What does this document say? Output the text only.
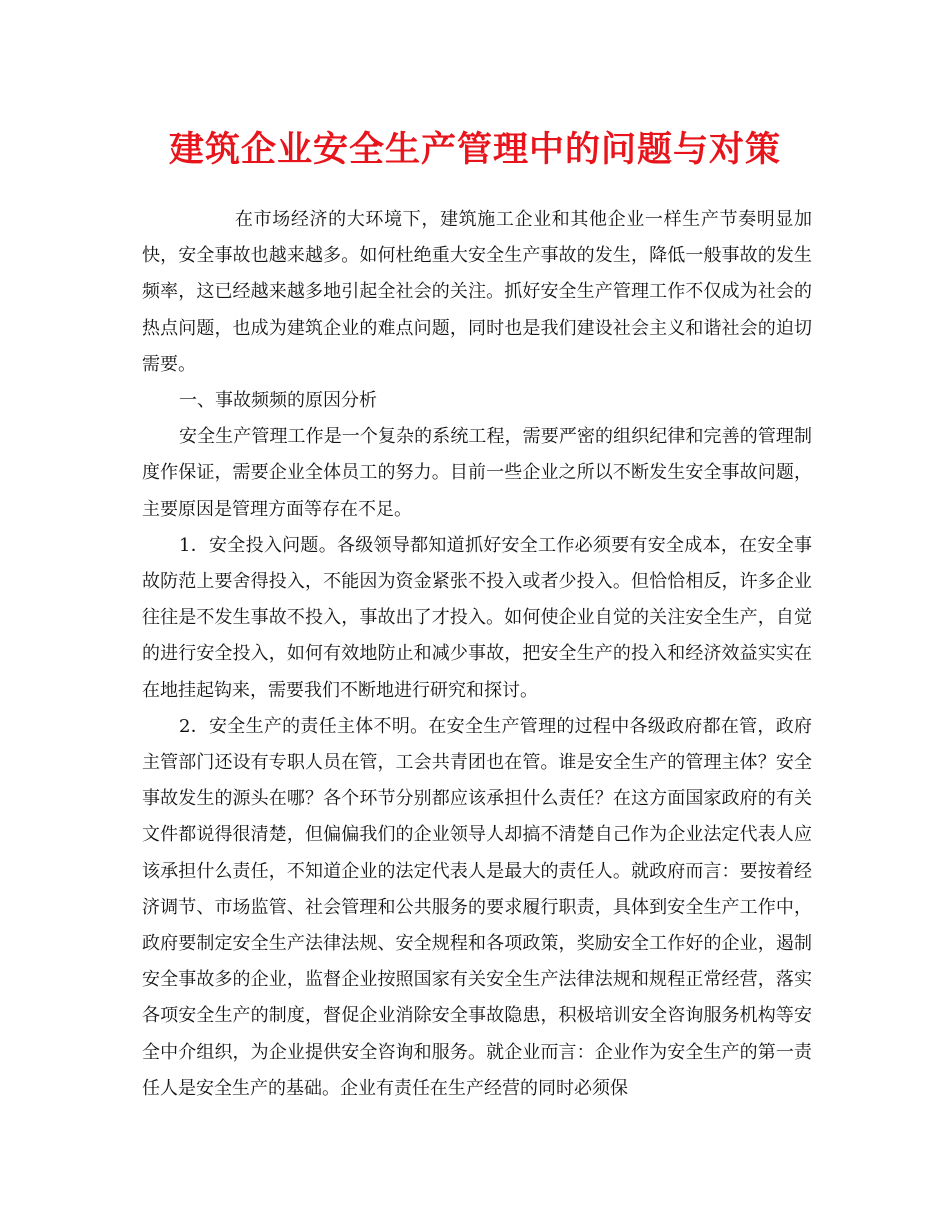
建筑企业安全生产管理中的问题与对策

在市场经济的大环境下，建筑施工企业和其他企业一样生产节奏明显加快，安全事故也越来越多。如何杜绝重大安全生产事故的发生，降低一般事故的发生频率，这已经越来越多地引起全社会的关注。抓好安全生产管理工作不仅成为社会的热点问题，也成为建筑企业的难点问题，同时也是我们建设社会主义和谐社会的迫切需要。

一、事故频频的原因分析

安全生产管理工作是一个复杂的系统工程，需要严密的组织纪律和完善的管理制度作保证，需要企业全体员工的努力。目前一些企业之所以不断发生安全事故问题，主要原因是管理方面等存在不足。

1．安全投入问题。各级领导都知道抓好安全工作必须要有安全成本，在安全事故防范上要舍得投入，不能因为资金紧张不投入或者少投入。但恰恰相反，许多企业往往是不发生事故不投入，事故出了才投入。如何使企业自觉的关注安全生产，自觉的进行安全投入，如何有效地防止和减少事故，把安全生产的投入和经济效益实实在在地挂起钩来，需要我们不断地进行研究和探讨。

2．安全生产的责任主体不明。在安全生产管理的过程中各级政府都在管，政府主管部门还设有专职人员在管，工会共青团也在管。谁是安全生产的管理主体？安全事故发生的源头在哪？各个环节分别都应该承担什么责任？在这方面国家政府的有关文件都说得很清楚，但偏偏我们的企业领导人却搞不清楚自己作为企业法定代表人应该承担什么责任，不知道企业的法定代表人是最大的责任人。就政府而言：要按着经济调节、市场监管、社会管理和公共服务的要求履行职责，具体到安全生产工作中，政府要制定安全生产法律法规、安全规程和各项政策，奖励安全工作好的企业，遏制安全事故多的企业，监督企业按照国家有关安全生产法律法规和规程正常经营，落实各项安全生产的制度，督促企业消除安全事故隐患，积极培训安全咨询服务机构等安全中介组织，为企业提供安全咨询和服务。就企业而言：企业作为安全生产的第一责任人是安全生产的基础。企业有责任在生产经营的同时必须保
